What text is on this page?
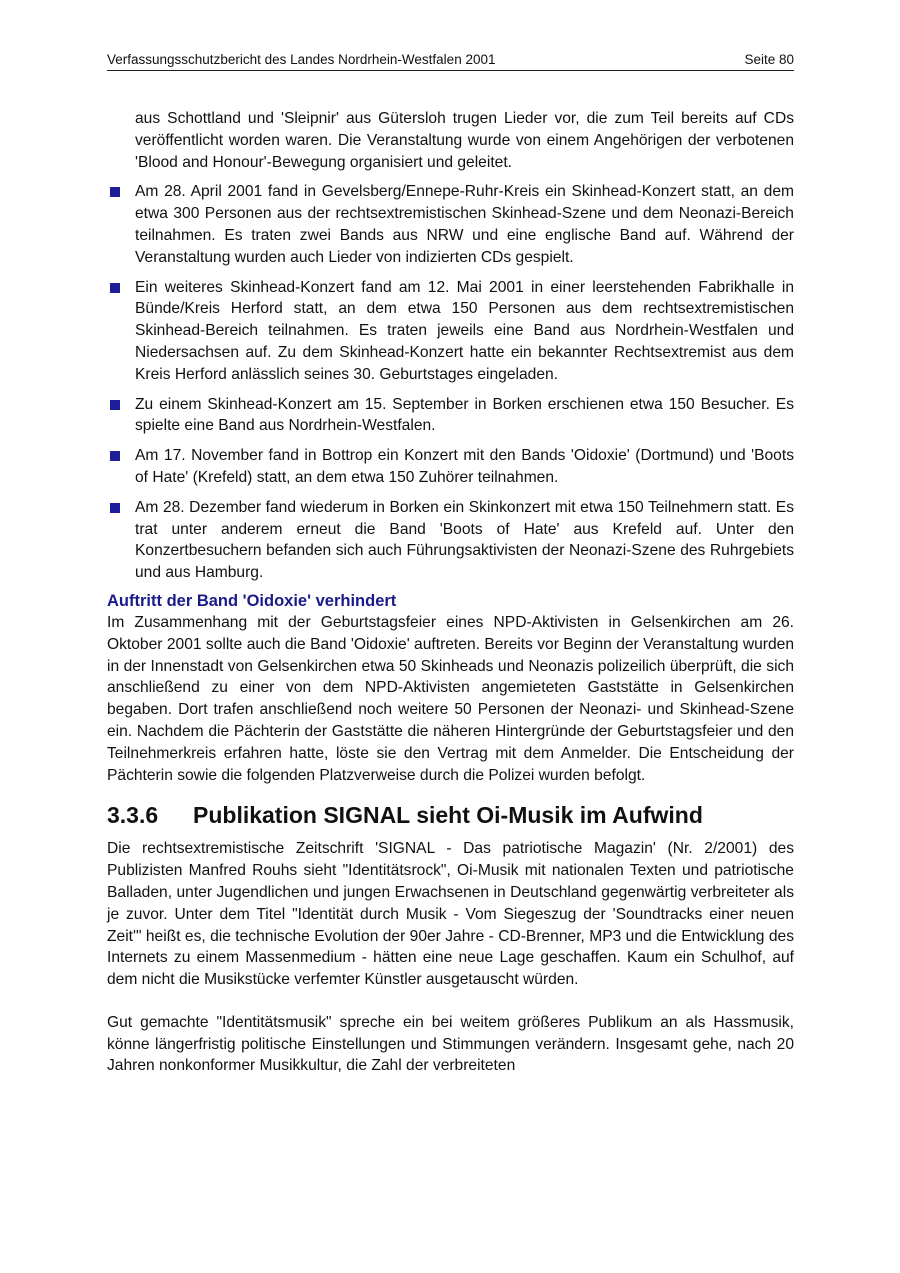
Verfassungsschutzbericht des Landes Nordrhein-Westfalen 2001	Seite 80

aus Schottland und 'Sleipnir' aus Gütersloh trugen Lieder vor, die zum Teil bereits auf CDs veröffentlicht worden waren. Die Veranstaltung wurde von einem Angehörigen der verbotenen 'Blood and Honour'-Bewegung organisiert und geleitet.

Am 28. April 2001 fand in Gevelsberg/Ennepe-Ruhr-Kreis ein Skinhead-Konzert statt, an dem etwa 300 Personen aus der rechtsextremistischen Skinhead-Szene und dem Neonazi-Bereich teilnahmen. Es traten zwei Bands aus NRW und eine englische Band auf. Während der Veranstaltung wurden auch Lieder von indizierten CDs gespielt.
Ein weiteres Skinhead-Konzert fand am 12. Mai 2001 in einer leerstehenden Fabrikhalle in Bünde/Kreis Herford statt, an dem etwa 150 Personen aus dem rechtsextremistischen Skinhead-Bereich teilnahmen. Es traten jeweils eine Band aus Nordrhein-Westfalen und Niedersachsen auf. Zu dem Skinhead-Konzert hatte ein bekannter Rechtsextremist aus dem Kreis Herford anlässlich seines 30. Geburtstages eingeladen.
Zu einem Skinhead-Konzert am 15. September in Borken erschienen etwa 150 Besucher. Es spielte eine Band aus Nordrhein-Westfalen.
Am 17. November fand in Bottrop ein Konzert mit den Bands 'Oidoxie' (Dortmund) und 'Boots of Hate' (Krefeld) statt, an dem etwa 150 Zuhörer teilnahmen.
Am 28. Dezember fand wiederum in Borken ein Skinkonzert mit etwa 150 Teilnehmern statt. Es trat unter anderem erneut die Band 'Boots of Hate' aus Krefeld auf. Unter den Konzertbesuchern befanden sich auch Führungsaktivisten der Neonazi-Szene des Ruhrgebiets und aus Hamburg.
Auftritt der Band 'Oidoxie' verhindert

Im Zusammenhang mit der Geburtstagsfeier eines NPD-Aktivisten in Gelsenkirchen am 26. Oktober 2001 sollte auch die Band 'Oidoxie' auftreten. Bereits vor Beginn der Veranstaltung wurden in der Innenstadt von Gelsenkirchen etwa 50 Skinheads und Neonazis polizeilich überprüft, die sich anschließend zu einer von dem NPD-Aktivisten angemieteten Gaststätte in Gelsenkirchen begaben. Dort trafen anschließend noch weitere 50 Personen der Neonazi- und Skinhead-Szene ein. Nachdem die Pächterin der Gaststätte die näheren Hintergründe der Geburtstagsfeier und den Teilnehmerkreis erfahren hatte, löste sie den Vertrag mit dem Anmelder. Die Entscheidung der Pächterin sowie die folgenden Platzverweise durch die Polizei wurden befolgt.

3.3.6	Publikation SIGNAL sieht Oi-Musik im Aufwind

Die rechtsextremistische Zeitschrift 'SIGNAL - Das patriotische Magazin' (Nr. 2/2001) des Publizisten Manfred Rouhs sieht "Identitätsrock", Oi-Musik mit nationalen Texten und patriotische Balladen, unter Jugendlichen und jungen Erwachsenen in Deutschland gegenwärtig verbreiteter als je zuvor. Unter dem Titel "Identität durch Musik - Vom Siegeszug der 'Soundtracks einer neuen Zeit'" heißt es, die technische Evolution der 90er Jahre - CD-Brenner, MP3 und die Entwicklung des Internets zu einem Massenmedium - hätten eine neue Lage geschaffen. Kaum ein Schulhof, auf dem nicht die Musikstücke verfemter Künstler ausgetauscht würden.

Gut gemachte "Identitätsmusik" spreche ein bei weitem größeres Publikum an als Hassmusik, könne längerfristig politische Einstellungen und Stimmungen verändern. Insgesamt gehe, nach 20 Jahren nonkonformer Musikkultur, die Zahl der verbreiteten
